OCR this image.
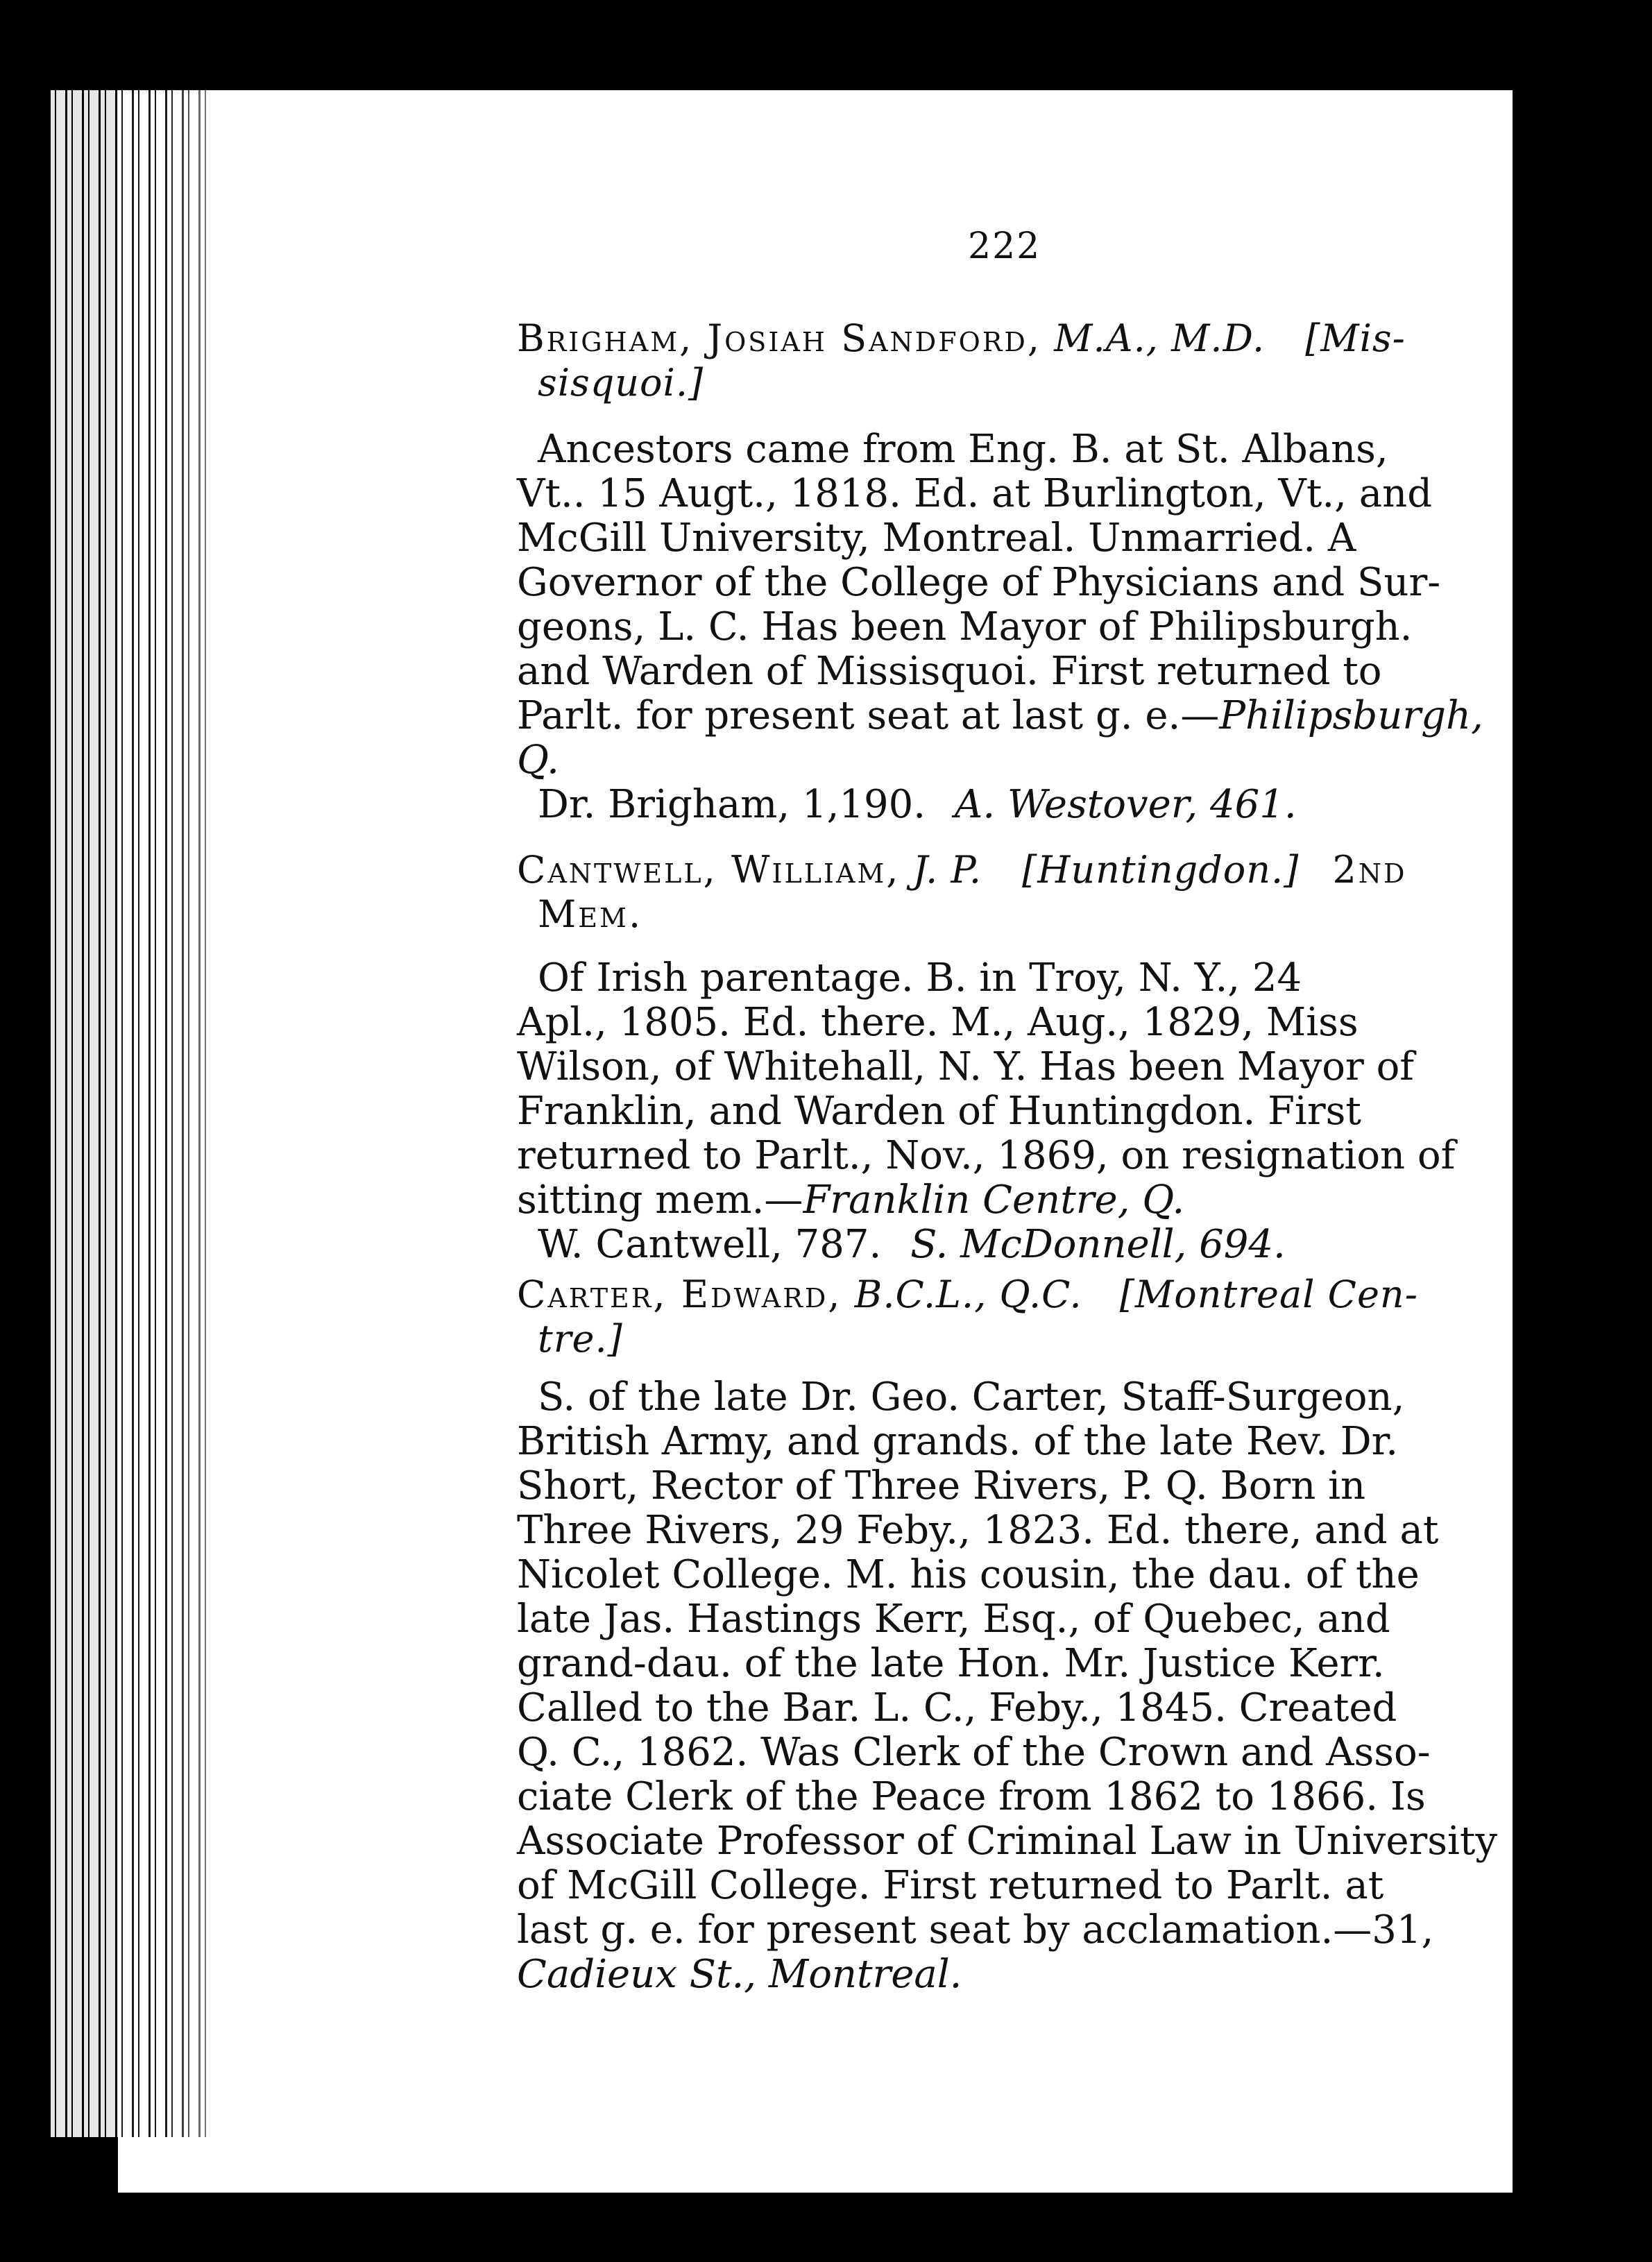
222
Brigham, Josiah Sandford, M.A., M.D. [Mis-
sisquoi.]
Ancestors came from Eng. B. at St. Albans,
Vt.. 15 Augt., 1818. Ed. at Burlington, Vt., and
McGill University, Montreal. Unmarried. A
Governor of the College of Physicians and Sur-
geons, L. C. Has been Mayor of Philipsburgh.
and Warden of Missisquoi. First returned to
Parlt. for present seat at last g. e.—Philipsburgh,
Q.
Dr. Brigham, 1,190. A. Westover, 461.
Cantwell, William, J. P. [Huntingdon.] 2nd
Mem.
Of Irish parentage. B. in Troy, N. Y., 24
Apl., 1805. Ed. there. M., Aug., 1829, Miss
Wilson, of Whitehall, N. Y. Has been Mayor of
Franklin, and Warden of Huntingdon. First
returned to Parlt., Nov., 1869, on resignation of
sitting mem.—Franklin Centre, Q.
W. Cantwell, 787. S. McDonnell, 694.
Carter, Edward, B.C.L., Q.C. [Montreal Cen-
tre.]
S. of the late Dr. Geo. Carter, Staff-Surgeon,
British Army, and grands. of the late Rev. Dr.
Short, Rector of Three Rivers, P. Q. Born in
Three Rivers, 29 Feby., 1823. Ed. there, and at
Nicolet College. M. his cousin, the dau. of the
late Jas. Hastings Kerr, Esq., of Quebec, and
grand-dau. of the late Hon. Mr. Justice Kerr.
Called to the Bar. L. C., Feby., 1845. Created
Q. C., 1862. Was Clerk of the Crown and Asso-
ciate Clerk of the Peace from 1862 to 1866. Is
Associate Professor of Criminal Law in University
of McGill College. First returned to Parlt. at
last g. e. for present seat by acclamation.—31,
Cadieux St., Montreal.
